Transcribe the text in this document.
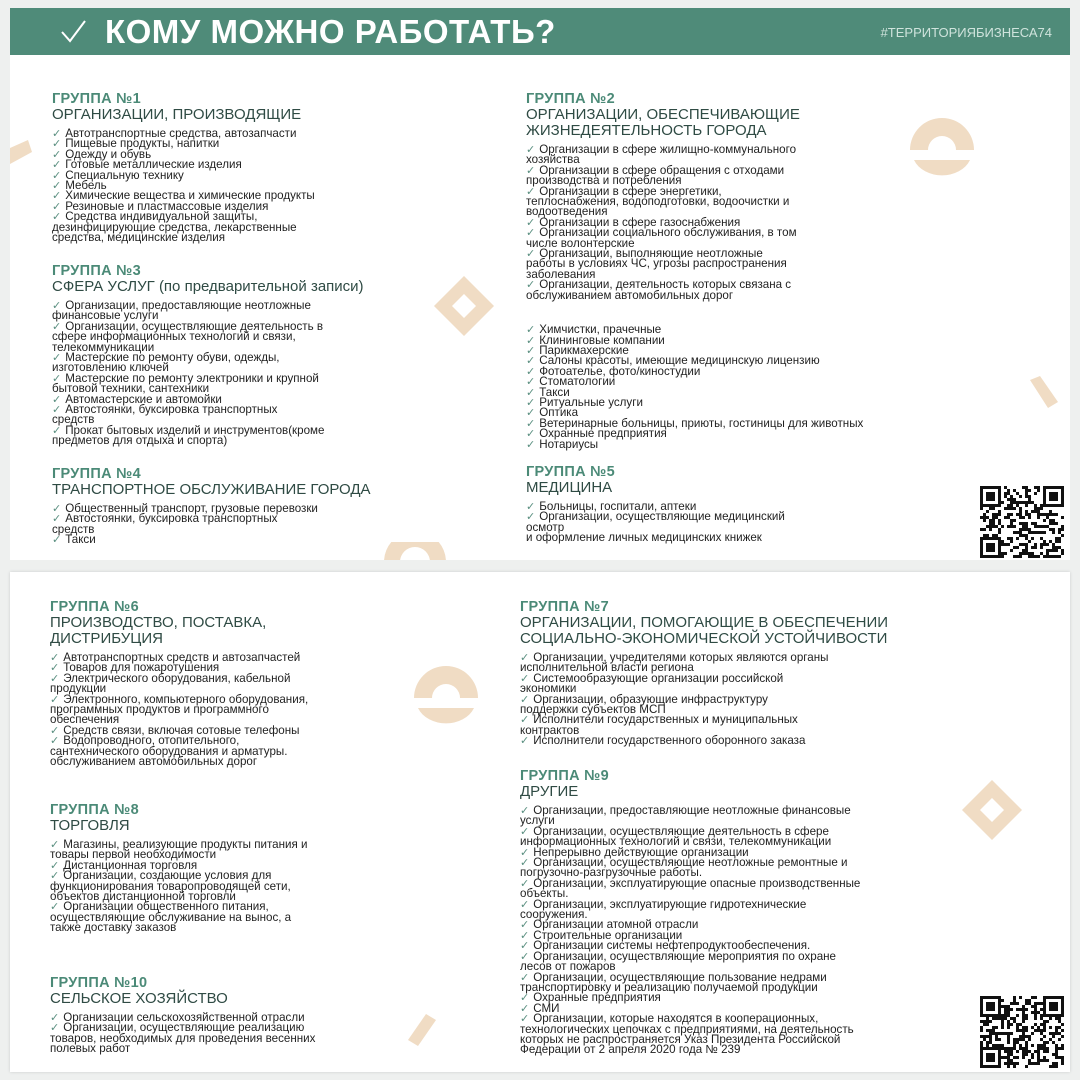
КОМУ МОЖНО РАБОТАТЬ?	#ТЕРРИТОРИЯБИЗНЕСА74
ГРУППА №1
ОРГАНИЗАЦИИ, ПРОИЗВОДЯЩИЕ
✓ Автотранспортные средства, автозапчасти
✓ Пищевые продукты, напитки
✓ Одежду и обувь
✓ Готовые металлические изделия
✓ Специальную технику
✓ Мебель
✓ Химические вещества и химические продукты
✓ Резиновые и пластмассовые изделия
✓ Средства индивидуальной защиты,
дезинфицирующие средства, лекарственные
средства, медицинские изделия
ГРУППА №2
ОРГАНИЗАЦИИ, ОБЕСПЕЧИВАЮЩИЕ
ЖИЗНЕДЕЯТЕЛЬНОСТЬ ГОРОДА
✓ Организации в сфере жилищно-коммунального
хозяйства
✓ Организации в сфере обращения с отходами
производства и потребления
✓ Организации в сфере энергетики,
теплоснабжения, водоподготовки, водоочистки и
водоотведения
✓ Организации в сфере газоснабжения
✓ Организации социального обслуживания, в том
числе волонтерские
✓ Организации, выполняющие неотложные
работы в условиях ЧС, угрозы распространения
заболевания
✓ Организации, деятельность которых связана с
обслуживанием автомобильных дорог
✓ Химчистки, прачечные
✓ Клининговые компании
✓ Парикмахерские
✓ Салоны красоты, имеющие медицинскую лицензию
✓ Фотоателье, фото/киностудии
✓ Стоматологии
✓ Такси
✓ Ритуальные услуги
✓ Оптика
✓ Ветеринарные больницы, приюты, гостиницы для животных
✓ Охранные предприятия
✓ Нотариусы
ГРУППА №3
СФЕРА УСЛУГ (по предварительной записи)
✓ Организации, предоставляющие неотложные
финансовые услуги
✓ Организации, осуществляющие деятельность в
сфере информационных технологий и связи,
телекоммуникации
✓ Мастерские по ремонту обуви, одежды,
изготовлению ключей
✓ Мастерские по ремонту электроники и крупной
бытовой техники, сантехники
✓ Автомастерские и автомойки
✓ Автостоянки, буксировка транспортных
средств
✓ Прокат бытовых изделий и инструментов(кроме
предметов для отдыха и спорта)
ГРУППА №4
ТРАНСПОРТНОЕ ОБСЛУЖИВАНИЕ ГОРОДА
✓ Общественный транспорт, грузовые перевозки
✓ Автостоянки, буксировка транспортных
средств
✓ Такси
ГРУППА №5
МЕДИЦИНА
✓ Больницы, госпитали, аптеки
✓ Организации, осуществляющие медицинский
осмотр
и оформление личных медицинских книжек
ГРУППА №6
ПРОИЗВОДСТВО, ПОСТАВКА,
ДИСТРИБУЦИЯ
✓ Автотранспортных средств и автозапчастей
✓ Товаров для пожаротушения
✓ Электрического оборудования, кабельной
продукции
✓ Электронного, компьютерного оборудования,
программных продуктов и программного
обеспечения
✓ Средств связи, включая сотовые телефоны
✓ Водопроводного, отопительного,
сантехнического оборудования и арматуры.
обслуживанием автомобильных дорог
ГРУППА №7
ОРГАНИЗАЦИИ, ПОМОГАЮЩИЕ В ОБЕСПЕЧЕНИИ
СОЦИАЛЬНО-ЭКОНОМИЧЕСКОЙ УСТОЙЧИВОСТИ
✓ Организации, учредителями которых являются органы
исполнительной власти региона
✓ Системообразующие организации российской
экономики
✓ Организации, образующие инфраструктуру
поддержки субъектов МСП
✓ Исполнители государственных и муниципальных
контрактов
✓ Исполнители государственного оборонного заказа
ГРУППА №8
ТОРГОВЛЯ
✓ Магазины, реализующие продукты питания и
товары первой необходимости
✓ Дистанционная торговля
✓ Организации, создающие условия для
функционирования товаропроводящей сети,
объектов дистанционной торговли
✓ Организации общественного питания,
осуществляющие обслуживание на вынос, а
также доставку заказов
ГРУППА №9
ДРУГИЕ
✓ Организации, предоставляющие неотложные финансовые
услуги
✓ Организации, осуществляющие деятельность в сфере
информационных технологий и связи, телекоммуникации
✓ Непрерывно действующие организации
✓ Организации, осуществляющие неотложные ремонтные и
погрузочно-разгрузочные работы.
✓ Организации, эксплуатирующие опасные производственные
объекты.
✓ Организации, эксплуатирующие гидротехнические
сооружения.
✓ Организации атомной отрасли
✓ Строительные организации
✓ Организации системы нефтепродуктообеспечения.
✓ Организации, осуществляющие мероприятия по охране
лесов от пожаров
✓ Организации, осуществляющие пользование недрами
транспортировку и реализацию получаемой продукции
✓ Охранные предприятия
✓ СМИ
✓ Организации, которые находятся в кооперационных,
технологических цепочках с предприятиями, на деятельность
которых не распространяется Указ Президента Российской
Федерации от 2 апреля 2020 года № 239
ГРУППА №10
СЕЛЬСКОЕ ХОЗЯЙСТВО
✓ Организации сельскохозяйственной отрасли
✓ Организации, осуществляющие реализацию
товаров, необходимых для проведения весенних
полевых работ
